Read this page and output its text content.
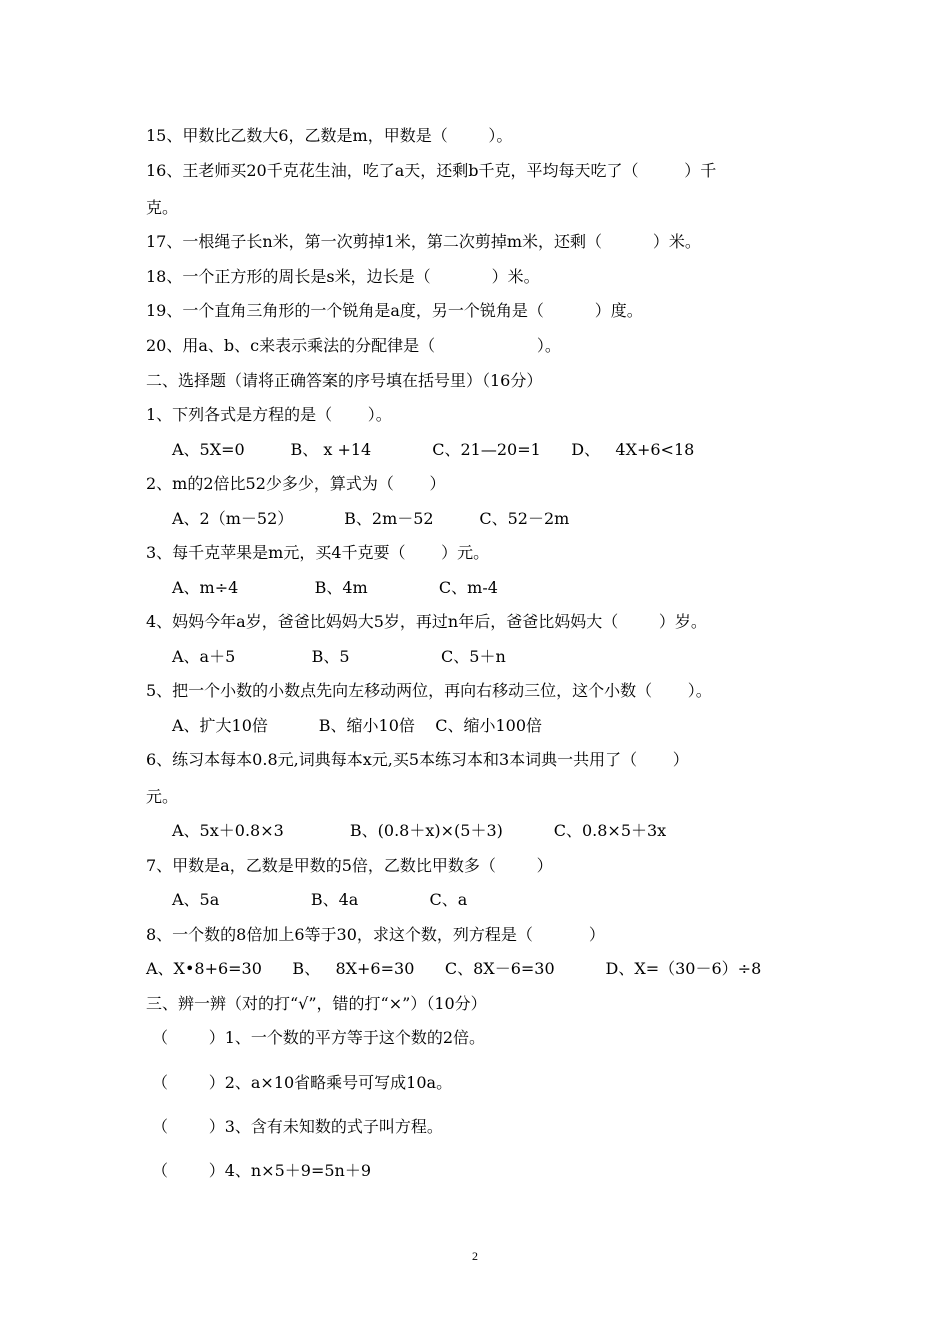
15、甲数比乙数大6，乙数是m，甲数是（        ）。
16、王老师买20千克花生油，吃了a天，还剩b千克，平均每天吃了（         ）千
克。
17、一根绳子长n米，第一次剪掉1米，第二次剪掉m米，还剩（          ）米。
18、一个正方形的周长是s米，边长是（            ）米。
19、一个直角三角形的一个锐角是a度，另一个锐角是（          ）度。
20、用a、b、c来表示乘法的分配律是（                    ）。
二、选择题（请将正确答案的序号填在括号里）（16分）
1、下列各式是方程的是（       ）。
A、5X=0         B、 x +14            C、21—20=1      D、   4X+6<18
2、m的2倍比52少多少，算式为（       ）
A、2（m－52）          B、2m－52         C、52－2m
3、每千克苹果是m元，买4千克要（       ）元。
A、m÷4               B、4m              C、m-4
4、妈妈今年a岁，爸爸比妈妈大5岁，再过n年后，爸爸比妈妈大（        ）岁。
A、a＋5               B、5                  C、5＋n
5、把一个小数的小数点先向左移动两位，再向右移动三位，这个小数（       ）。
A、扩大10倍          B、缩小10倍    C、缩小100倍
6、练习本每本0.8元,词典每本x元,买5本练习本和3本词典一共用了（       ）
元。
A、5x＋0.8×3             B、(0.8＋x)×(5＋3)          C、0.8×5＋3x
7、甲数是a，乙数是甲数的5倍，乙数比甲数多（        ）
A、5a                  B、4a              C、a
8、一个数的8倍加上6等于30，求这个数，列方程是（           ）
A、X•8+6=30      B、   8X+6=30      C、8X－6=30          D、X=（30－6）÷8
三、辨一辨（对的打“√”，错的打“×”）（10分）
（        ）1、一个数的平方等于这个数的2倍。
（        ）2、a×10省略乘号可写成10a。
（        ）3、含有未知数的式子叫方程。
（        ）4、n×5＋9=5n＋9
2
